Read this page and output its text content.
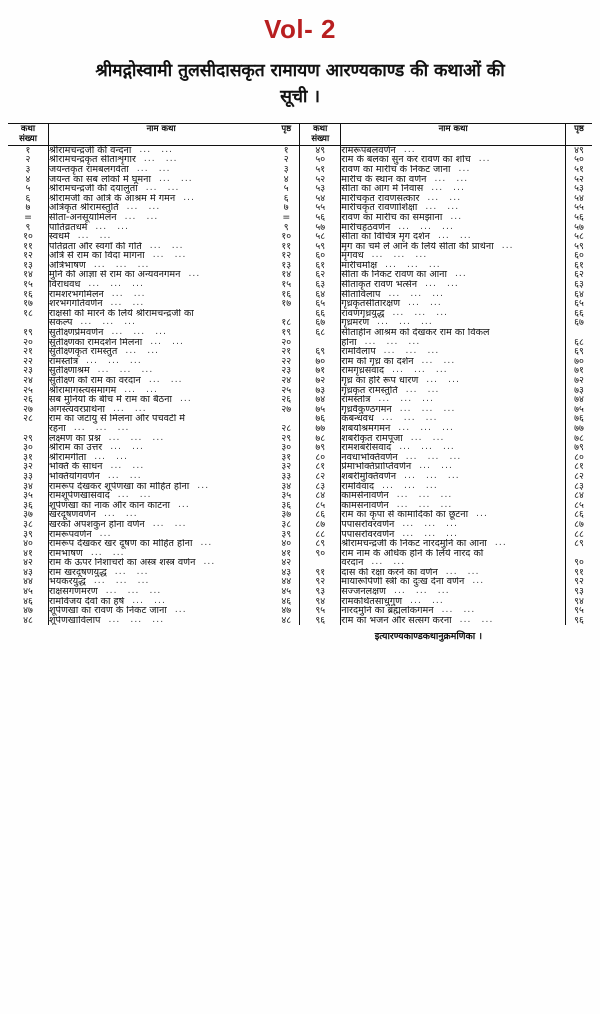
Vol- 2
श्रीमद्गोस्वामी तुलसीदासकृत रामायण आरण्यकाण्ड की कथाओं की
सूची ।
कथा
संख्या	नाम कथा	पृष्ठ	कथा
संख्या	नाम कथा	पृष्ठ
१	श्रीरामचन्द्रजी की वन्दना ... ...	१	४९	रामरूपबलवर्णन ...	४९
२	श्रीरामचन्द्रकृत सीताशृंगार ... ...	२	५०	राम के बलका सुन कर रावण का शोच ...	५०
३	जयन्तकृत रामबलगर्वता ... ...	३	५१	रावण का मारीच के निकट जाना ...	५१
४	जयन्त का सब लोकों में घूमना ... ...	४	५२	मारीच के स्थान का वर्णन ... ...	५२
५	श्रीरामचन्द्रजी की दयालुता ... ...	५	५३	सीता का आंग में निवास ... ...	५३
६	श्रीरामजी का अत्रि के आश्रम में गमन ...	६	५४	मारीचकृत रावणसत्कार ... ...	५४
७	अत्रिकृत श्रीरामस्तुति ... ...	७	५५	मारीचकृत रावणाशिक्षा ... ...	५५
=	सीता-अनसूयामिलन ... ...	=	५६	रावण का मारीच का समझाना ...	५६
९	पातिव्रतधर्म ... ...	९	५७	मारीचहठवर्णन ... ... ...	५७
१०	स्वधर्म ... ...	१०	५८	सीता का विचित्र मृग दर्शन ... ...	५८
११	पतिव्रता और स्वर्गों की गति ... ...	११	५९	मृग का चर्म ले आने के लिये सीता की प्रार्थना ...	५९
१२	अत्रि से राम का विदा मांगना ... ...	१२	६०	मृगवध ... ... ...	६०
१३	अत्रिभाषण ... ... ...	१३	६१	मारीचमोक्ष ... ... ...	६१
१४	मुनि की आज्ञा से राम का अन्यवनगमन ...	१४	६२	सीता के निकट रावण का आना ...	६२
१५	विराधवध ... ... ...	१५	६३	सीताकृत रावण भर्त्सन ... ...	६३
१६	रामशरभंगमिलन ... ...	१६	६४	सीताविलाप ... ... ...	६४
१७	शरभंगगतिवर्णन ... ...	१७	६५	गृध्रकृतसीतारक्षण ... ...	६५
१८	राक्षसों को मारने के लिये श्रीरामचन्द्रजी का		६६	रावणगृध्रयुद्ध ... ... ...	६६
	संकल्प ... ... ...	१८	६७	गृध्रमरण ... ... ...	६७
१९	सुतीक्ष्णप्रेमवर्णन ... ... ...	१९	६८	सीताहीन आश्रम को देखकर राम का विकल	
२०	सुतीक्ष्णका रामदर्शन मिलना ... ...	२०		होना ... ... ...	६८
२१	सुतीक्ष्णकृत रामस्तुत ... ...	२१	६९	रामविलाप ... ... ...	६९
२२	रामस्तोत्र ... ... ...	२२	७०	राम को गृध्र का दर्शन ... ...	७०
२३	सुतीक्ष्णाश्रम ... ... ...	२३	७१	रामगृध्रसंवाद ... ... ...	७१
२४	सुतीक्ष्ण को राम का वरदान ... ...	२४	७२	गृध्र का हरि रूप धारण ... ...	७२
२५	श्रीरामागस्त्यसमागम ... ...	२५	७३	गृध्रकृत रामस्तुति ... ...	७३
२६	सब मुनियों के बीच में राम का बैठना ...	२६	७४	रामस्तोत्र ... ... ...	७४
२७	अगस्त्यवरप्रार्थना ... ...	२७	७५	गृध्रवैकुण्ठगमन ... ... ...	७५
२८	राम का जटायु से मिलना और पंचवटी में		७६	कबन्धवध ... ... ...	७६
	रहना ... ... ...	२८	७७	शबर्याश्रमगमन ... ... ...	७७
२९	लक्ष्मण का प्रश्न ... ... ...	२९	७८	शबरीकृत रामपूजा ... ...	७८
३०	श्रीराम का उत्तर ... ...	३०	७९	रामशबरीसंवाद ... ... ...	७९
३१	श्रीरामगीता ... ...	३१	८०	नवधाभक्तिवर्णन ... ... ...	८०
३२	भक्ति के साधन ... ...	३२	८१	प्रेमाभक्तिप्राप्तिवर्णन ... ...	८१
३३	भक्तियोगवर्णन ... ...	३३	८२	शबरीमुक्तिवर्णन ... ... ...	८२
३४	रामरूप देखकर शूर्पणखा का मोहित होना ...	३४	८३	रामविवाद ... ... ...	८३
३५	रामशूर्पणखासंवाद ... ...	३५	८४	कामसेनावर्णन ... ... ...	८४
३६	शूर्पणखा का नाक और कान काटना ...	३६	८५	कामसनावर्णन ... ... ...	८५
३७	खरदूषणवर्णन ... ...	३७	८६	राम का कृपा से कामादिकों का छूटना ...	८६
३८	खरको अपशकुन होना वर्णन ... ...	३८	८७	पंपासरोवरवर्णन ... ... ...	८७
३९	रामरूपवर्णन ...	३९	८८	पंपासरोवरवर्णन ... ... ...	८८
४०	रामरूप देखकर खर दूषण का मोहित होना ...	४०	८९	श्रीरामचन्द्रजी के निकट नारदमुनि का आना ...	८९
४१	रामभाषण ... ...	४१	९०	राम नाम के अधिक होने के लिये नारद को	
४२	राम के ऊपर निशाचरों का अस्त्र शस्त्र वर्णन ...	४२		वरदान ... ...	९०
४३	राम खरदूषणयुद्ध ... ...	४३	९१	दास की रक्षा करने का वर्णन ... ...	९१
४४	भयंकरयुद्ध ... ... ...	४४	९२	मायारूपिणी स्त्री का दुःख देना वर्णन ...	९२
४५	राक्षसगणमरण ... ... ...	४५	९३	सज्जनलक्षण ... ... ...	९३
४६	रामविजय देवों का हर्ष ... ...	४६	९४	रामकथितसाधुगुण ... ...	९४
४७	शूर्पणखा का रावण के निकट जाना ...	४७	९५	नारदमुनि का ब्रह्मलोकगमन ... ...	९५
४८	शूर्पणखाविलाप ... ... ...	४८	९६	राम का भजन और सत्संग करना ... ...	९६
इत्यारण्यकाण्डकथानुक्रमणिका ।
